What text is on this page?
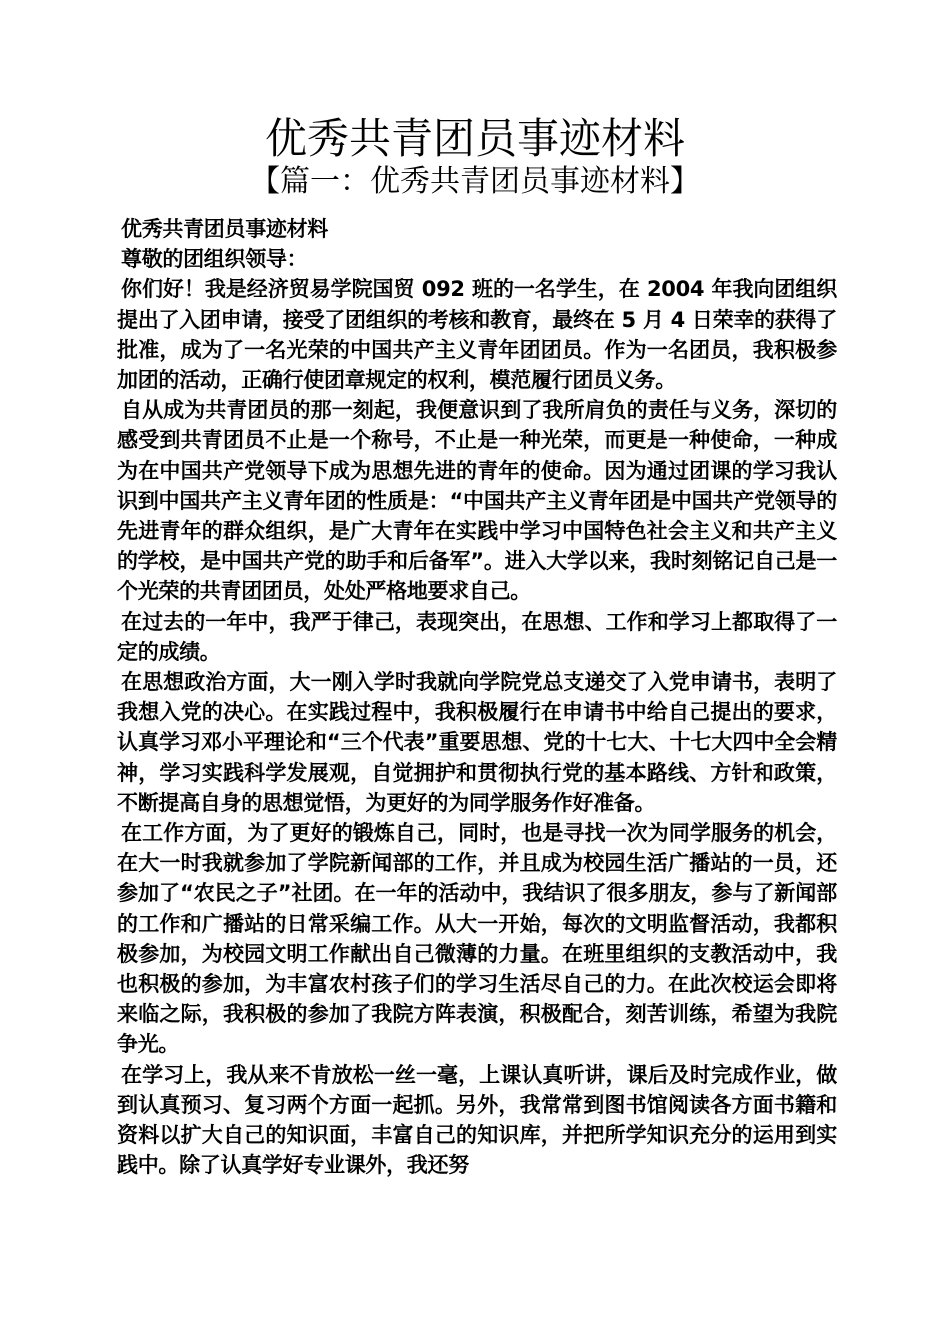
优秀共青团员事迹材料
【篇一：优秀共青团员事迹材料】

优秀共青团员事迹材料

尊敬的团组织领导：

你们好！我是经济贸易学院国贸 092 班的一名学生，在 2004 年我向团组织提出了入团申请，接受了团组织的考核和教育，最终在 5 月 4 日荣幸的获得了批准，成为了一名光荣的中国共产主义青年团团员。作为一名团员，我积极参加团的活动，正确行使团章规定的权利，模范履行团员义务。

自从成为共青团员的那一刻起，我便意识到了我所肩负的责任与义务，深切的感受到共青团员不止是一个称号，不止是一种光荣，而更是一种使命，一种成为在中国共产党领导下成为思想先进的青年的使命。因为通过团课的学习我认识到中国共产主义青年团的性质是：“中国共产主义青年团是中国共产党领导的先进青年的群众组织，是广大青年在实践中学习中国特色社会主义和共产主义的学校，是中国共产党的助手和后备军”。进入大学以来，我时刻铭记自己是一个光荣的共青团团员，处处严格地要求自己。

在过去的一年中，我严于律己，表现突出，在思想、工作和学习上都取得了一定的成绩。

在思想政治方面，大一刚入学时我就向学院党总支递交了入党申请书，表明了我想入党的决心。在实践过程中，我积极履行在申请书中给自己提出的要求，认真学习邓小平理论和“三个代表”重要思想、党的十七大、十七大四中全会精神，学习实践科学发展观，自觉拥护和贯彻执行党的基本路线、方针和政策，不断提高自身的思想觉悟，为更好的为同学服务作好准备。

在工作方面，为了更好的锻炼自己，同时，也是寻找一次为同学服务的机会，在大一时我就参加了学院新闻部的工作，并且成为校园生活广播站的一员，还参加了“农民之子”社团。在一年的活动中，我结识了很多朋友，参与了新闻部的工作和广播站的日常采编工作。从大一开始，每次的文明监督活动，我都积极参加，为校园文明工作献出自己微薄的力量。在班里组织的支教活动中，我也积极的参加，为丰富农村孩子们的学习生活尽自己的力。在此次校运会即将来临之际，我积极的参加了我院方阵表演，积极配合，刻苦训练，希望为我院争光。

在学习上，我从来不肯放松一丝一毫，上课认真听讲，课后及时完成作业，做到认真预习、复习两个方面一起抓。另外，我常常到图书馆阅读各方面书籍和资料以扩大自己的知识面，丰富自己的知识库，并把所学知识充分的运用到实践中。除了认真学好专业课外，我还努
